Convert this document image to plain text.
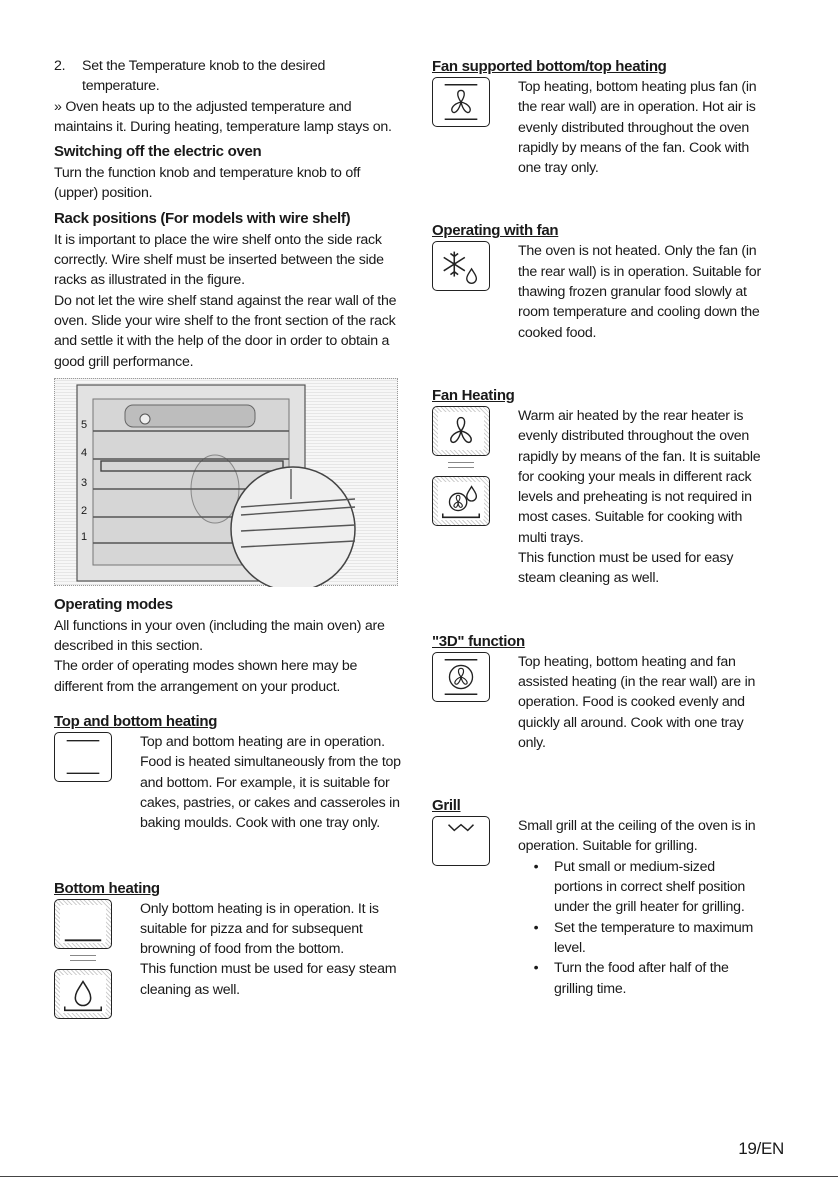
2.	Set the Temperature knob to the desired

temperature.

» Oven heats up to the adjusted temperature and maintains it. During heating, temperature lamp stays on.

Switching off the electric oven

Turn the function knob and temperature knob to off (upper) position.

Rack positions (For models with wire shelf)

It is important to place the wire shelf onto the side rack correctly. Wire shelf must be inserted between the side racks as illustrated in the figure.

Do not let the wire shelf stand against the rear wall of the oven. Slide your wire shelf to the front section of the rack and settle it with the help of the door in order to obtain a good grill performance.

5
4
3
2
1
Operating modes

All functions in your oven (including the main oven) are described in this section.

The order of operating modes shown here may be different from the arrangement on your product.

Top and bottom heating

Top and bottom heating are in operation. Food is heated simultaneously from the top and bottom. For example, it is suitable for cakes, pastries, or cakes and casseroles in baking moulds. Cook with one tray only.

Bottom heating

Only bottom heating is in operation. It is suitable for pizza and for subsequent browning of food from the bottom.

This function must be used for easy steam cleaning as well.

Fan supported bottom/top heating

Top heating, bottom heating plus fan (in the rear wall) are in operation. Hot air is evenly distributed throughout the oven rapidly by means of the fan. Cook with one tray only.

Operating with fan

The oven is not heated. Only the fan (in the rear wall) is in operation. Suitable for thawing frozen granular food slowly at room temperature and cooling down the cooked food.

Fan Heating

Warm air heated by the rear heater is evenly distributed throughout the oven rapidly by means of the fan. It is suitable for cooking your meals in different rack levels and preheating is not required in most cases. Suitable for cooking with multi trays.

This function must be used for easy steam cleaning as well.

"3D" function

Top heating, bottom heating and fan assisted heating (in the rear wall) are in operation. Food is cooked evenly and quickly all around. Cook with one tray only.

Grill

Small grill at the ceiling of the oven is in operation. Suitable for grilling.

•	Put small or medium-sized portions in correct shelf position under the grill heater for grilling.

•	Set the temperature to maximum level.

•	Turn the food after half of the grilling time.

19/EN
